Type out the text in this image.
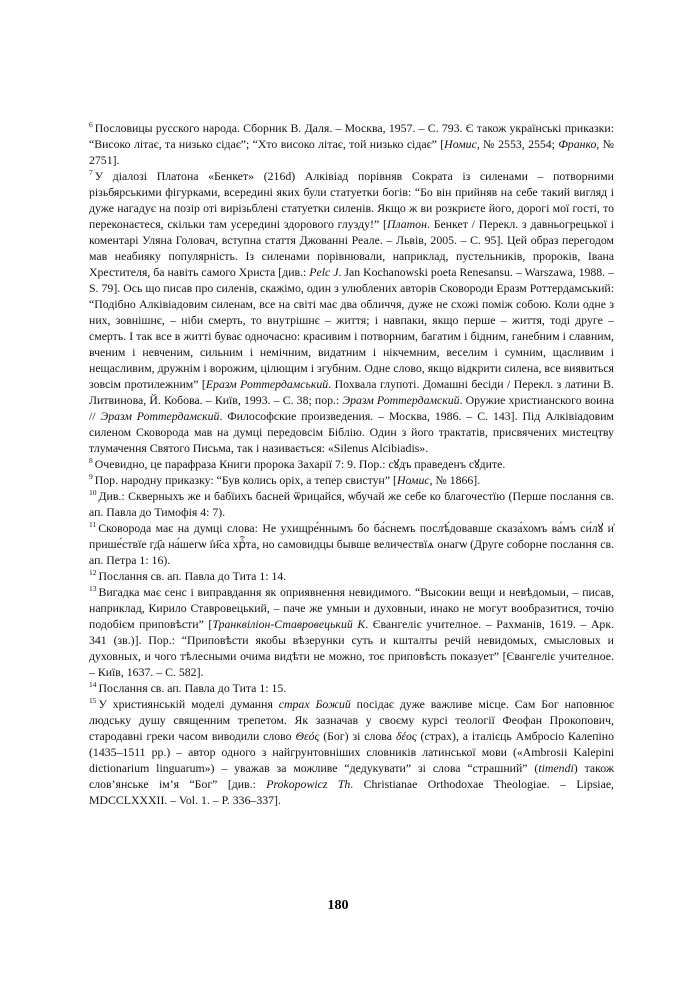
$^6$ Пословицы русского народа. Сборник В. Даля. – Москва, 1957. – С. 793. Є також українські приказки: “Високо літає, та низько сідає”; “Хто високо літає, той низько сідає” [Номис, № 2553, 2554; Франко, № 2751].

$^7$ У діалозі Платона «Бенкет» (216d) Алківіад порівняв Сократа із силенами – потворними різьбярськими фігурками, всередині яких були статуетки богів: “Бо він прийняв на себе такий вигляд і дуже нагадує на позір оті вирізьблені статуетки силенів. Якщо ж ви розкриєте його, дорогі мої гості, то переконаєтеся, скільки там усередині здорового глузду!” [Платон. Бенкет / Перекл. з давньогрецької і коментарі Уляна Головач, вступна стаття Джованні Реале. – Львів, 2005. – С. 95]. Цей образ перегодом мав неабияку популярність. Із силенами порівнювали, наприклад, пустельників, пророків, Івана Хрестителя, ба навіть самого Христа [див.: Pelc J. Jan Kochanowski poeta Renesansu. – Warszawa, 1988. – S. 79]. Ось що писав про силенів, скажімо, один з улюблених авторів Сковороди Еразм Роттердамський: “Подібно Алківіадовим силенам, все на світі має два обличчя, дуже не схожі поміж собою. Коли одне з них, зовнішнє, – ніби смерть, то внутрішнє – життя; і навпаки, якщо перше – життя, тоді друге – смерть. І так все в житті буває одночасно: красивим і потворним, багатим і бідним, ганебним і славним, вченим і невченим, сильним і немічним, видатним і нікчемним, веселим і сумним, щасливим і нещасливим, дружнім і ворожим, цілющим і згубним. Одне слово, якщо відкрити силена, все виявиться зовсім протилежним” [Еразм Роттердамський. Похвала глупоті. Домашні бесіди / Перекл. з латини В. Литвинова, Й. Кобова. – Київ, 1993. – С. 38; пор.: Эразм Роттердамский. Оружие христианского воина // Эразм Роттердамский. Философские произведения. – Москва, 1986. – С. 143]. Під Алківіадовим силеном Сковорода мав на думці передовсім Біблію. Один з його трактатів, присвячених мистецтву тлумачення Святого Письма, так і називається: «Silenus Alcibiadis».

$^8$ Очевидно, це парафраза Книги пророка Захарії 7: 9. Пор.: сꙋдъ праведенъ сꙋдите.

$^9$ Пор. народну приказку: “Був колись оріх, а тепер свистун” [Номис, № 1866].

$^{10}$ Див.: Скверныхъ же и бабїихъ басней ѿрицайся, ѡбучай же себе ко благочестїю (Перше послання св. ап. Павла до Тимофія 4: 7).

$^{11}$ Сковорода має на думці слова: Не ухищре́ннымъ бо ба́снемъ послѣ́довавше сказа́хомъ ва́мъ си́лꙋ и҆ прише́ствїе гд҃а на́шегѡ і҆и҃са хрⷭ҇та, но самовидцы бывше величествїѧ онагѡ (Друге соборне послання св. ап. Петра 1: 16).

$^{12}$ Послання св. ап. Павла до Тита 1: 14.

$^{13}$ Вигадка має сенс і виправдання як оприявнення невидимого. “Высокии вещи и невѣдомыи, – писав, наприклад, Кирило Ставровецький, – паче же умныи и духовныи, инако не могут вообразитися, точію подобієм приповѣсти” [Транквіліон-Ставровецький К. Євангеліє учителное. – Рахманів, 1619. – Арк. 341 (зв.)]. Пор.: “Приповѣсти якобы вѣзерунки суть и кшталты речій невидомых, смысловых и духовных, и чого тѣлесными очима видѣти не можно, тоє приповѣсть показует” [Євангеліє учителное. – Київ, 1637. – С. 582].

$^{14}$ Послання св. ап. Павла до Тита 1: 15.

$^{15}$ У християнській моделі думання страх Божий посідає дуже важливе місце. Сам Бог наповнює людську душу священним трепетом. Як зазначав у своєму курсі теології Феофан Прокопович, стародавні греки часом виводили слово Θεός (Бог) зі слова δέος (страх), а італієць Амбросіо Калепіно (1435–1511 рр.) – автор одного з найгрунтовніших словників латинської мови («Ambrosii Kalepini dictionarium linguarum») – уважав за можливе “дедукувати” зі слова “страшний” (timendi) також слов’янське ім’я “Бог” [див.: Prokopowicz Th. Christianae Orthodoxae Theologiae. – Lipsiae, MDCCLXXXII. – Vol. 1. – P. 336–337].

180
